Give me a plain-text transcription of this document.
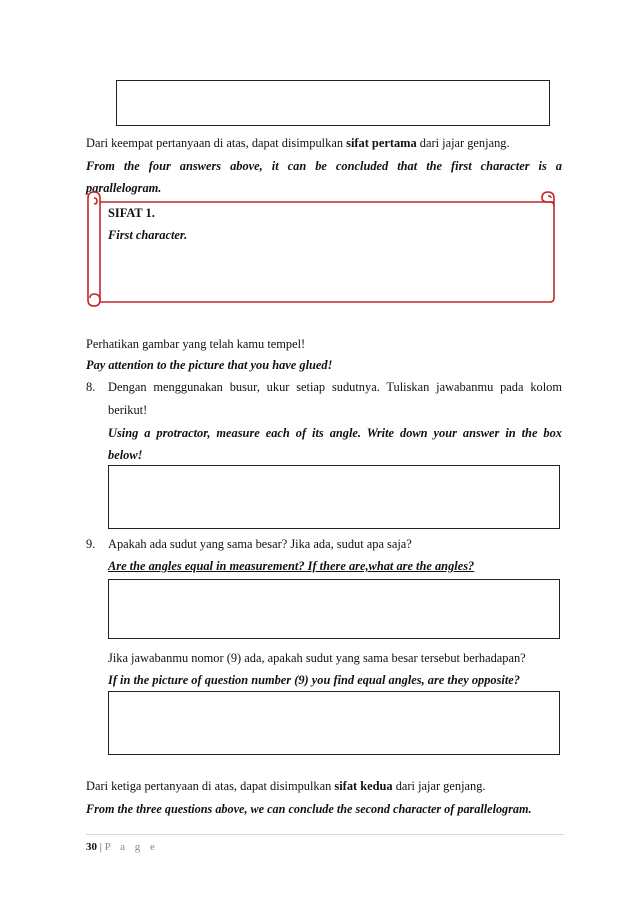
Dari keempat pertanyaan di atas, dapat disimpulkan sifat pertama dari jajar genjang.
From the four answers above, it can be concluded that the first character is a
parallelogram.
SIFAT 1.
First character.
Perhatikan gambar yang telah kamu tempel!
Pay attention to the picture that you have glued!
8. Dengan menggunakan busur, ukur setiap sudutnya. Tuliskan jawabanmu pada kolom
berikut!
Using a protractor, measure each of its angle. Write down your answer in the box
below!
9. Apakah ada sudut yang sama besar? Jika ada, sudut apa saja?
Are the angles equal in measurement? If there are,what are the angles?
Jika jawabanmu nomor (9) ada, apakah sudut yang sama besar tersebut berhadapan?
If in the picture of question number (9) you find equal angles, are they opposite?
Dari ketiga pertanyaan di atas, dapat disimpulkan sifat kedua dari jajar genjang.
From the three questions above, we can conclude the second character of parallelogram.
30 | P a g e
